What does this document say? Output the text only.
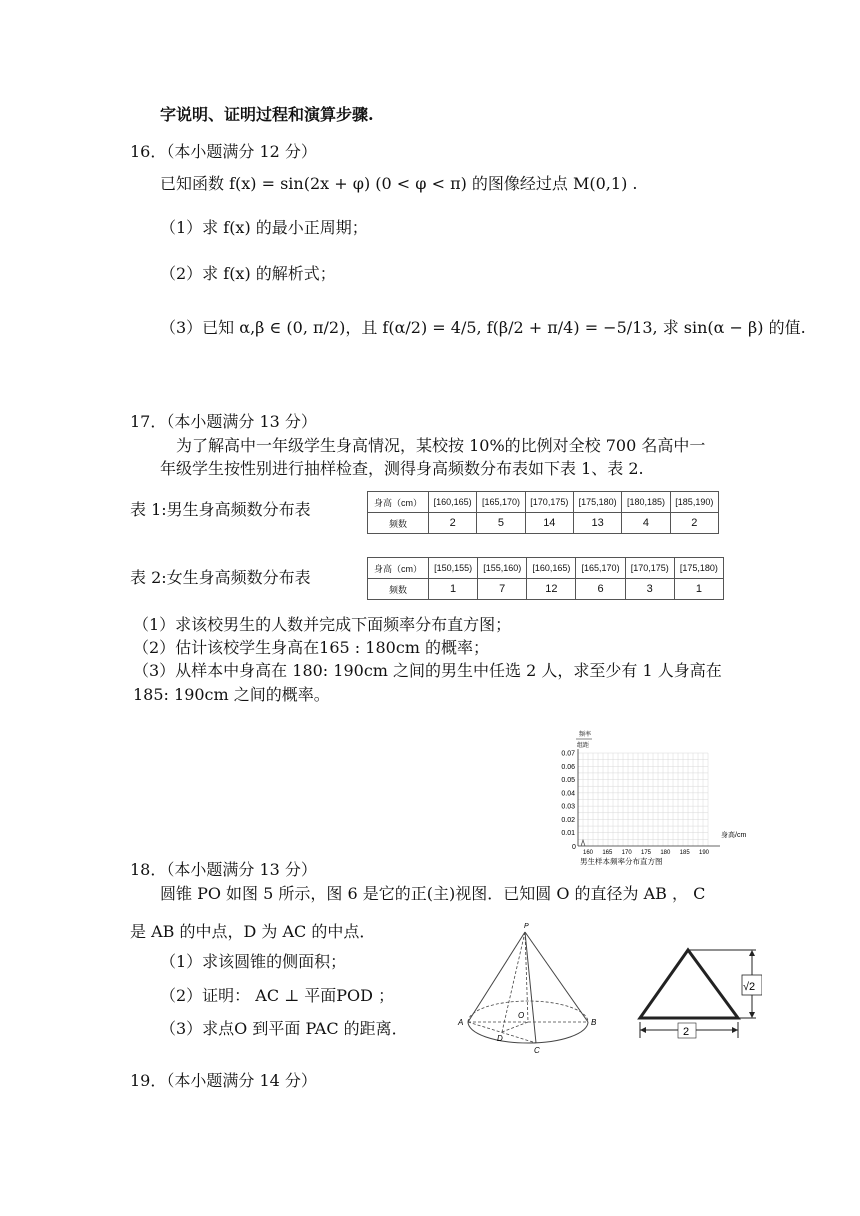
字说明、证明过程和演算步骤.
16．（本小题满分 12 分）
已知函数 f(x) = sin(2x + φ) (0 < φ < π) 的图像经过点 M(0,1) .
（1）求 f(x) 的最小正周期；
（2）求 f(x) 的解析式；
（3）已知 α,β ∈ (0, π/2)，且 f(α/2) = 4/5, f(β/2 + π/4) = −5/13, 求 sin(α − β) 的值.
17．（本小题满分 13 分）
为了解高中一年级学生身高情况，某校按 10%的比例对全校 700 名高中一
年级学生按性别进行抽样检查，测得身高频数分布表如下表 1、表 2.
表 1:男生身高频数分布表	身高（cm）	[160,165)	[165,170)	[170,175)	[175,180)	[180,185)	[185,190)
频数	2	5	14	13	4	2
表 2:女生身高频数分布表	身高（cm）	[150,155)	[155,160)	[160,165)	[165,170)	[170,175)	[175,180)
频数	1	7	12	6	3	1
（1）求该校男生的人数并完成下面频率分布直方图；
（2）估计该校学生身高在165 : 180cm 的概率；
（3）从样本中身高在 180: 190cm 之间的男生中任选 2 人，求至少有 1 人身高在
185: 190cm 之间的概率。
频率
组距
0.01
0.02
0.03
0.04
0.05
0.06
0.07
160 165 170 175 180 185 190
0
身高/cm
男生样本频率分布直方图
18．（本小题满分 13 分）
圆锥 PO 如图 5 所示，图 6 是它的正(主)视图．已知圆 O 的直径为 AB ， C
是 AB 的中点，D 为 AC 的中点．
（1）求该圆锥的侧面积；
（2）证明： AC ⊥ 平面POD ；
（3）求点O 到平面 PAC 的距离．
P
A	B
C
O
D
√2
2
19．（本小题满分 14 分）
